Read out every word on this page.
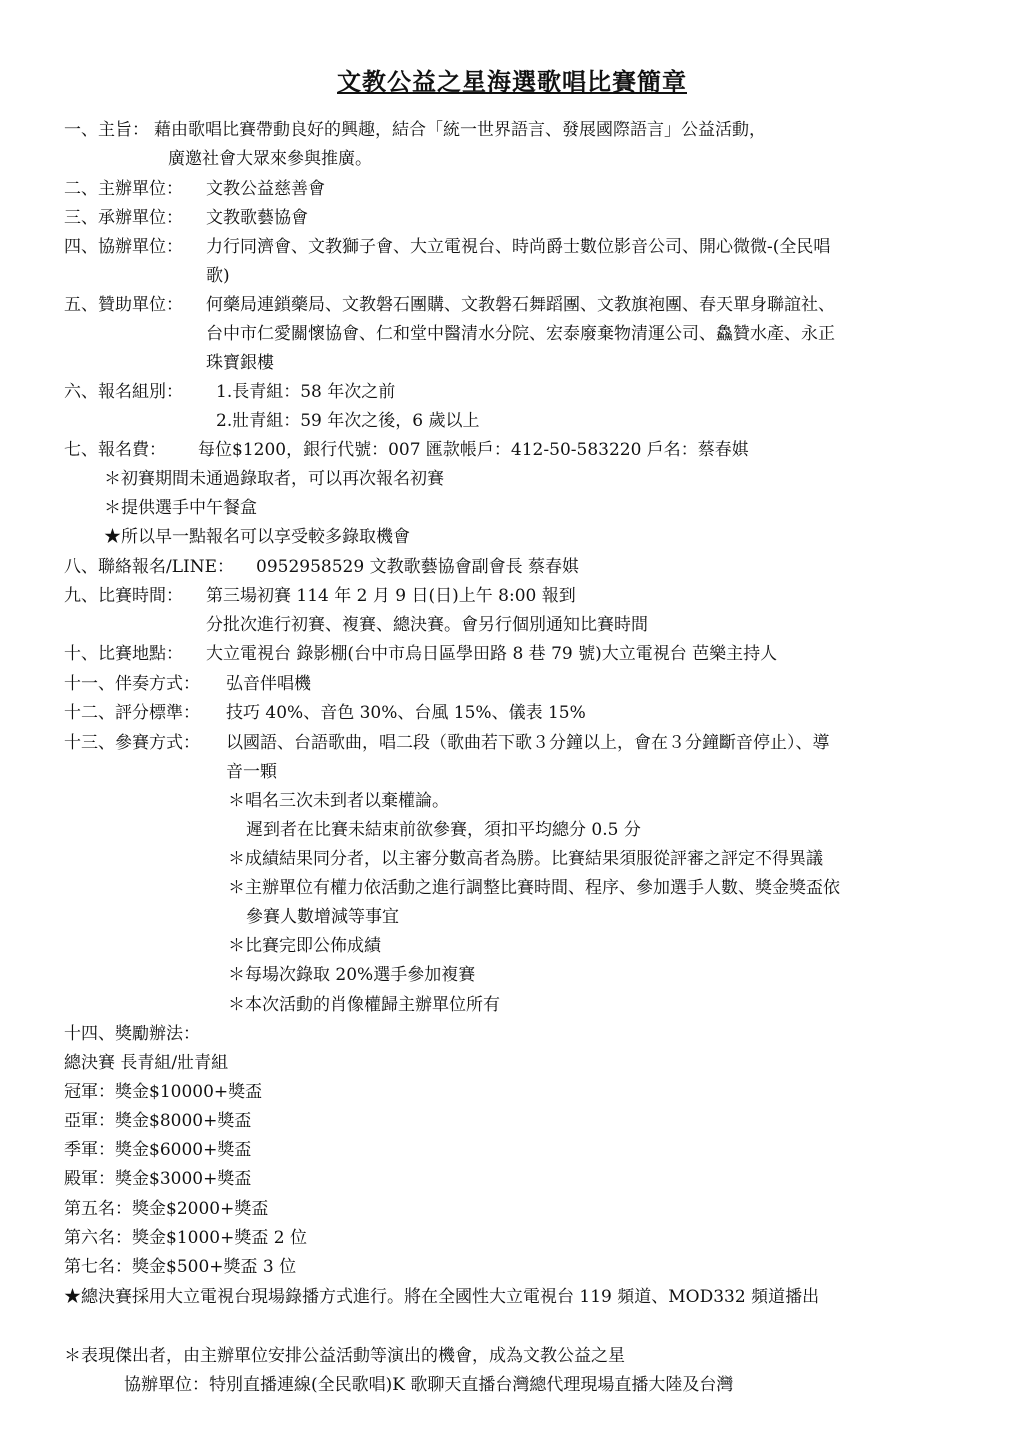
文教公益之星海選歌唱比賽簡章
一、主旨： 藉由歌唱比賽帶動良好的興趣，結合「統一世界語言、發展國際語言」公益活動，
廣邀社會大眾來參與推廣。
二、主辦單位： 文教公益慈善會
三、承辦單位： 文教歌藝協會
四、協辦單位： 力行同濟會、文教獅子會、大立電視台、時尚爵士數位影音公司、開心微微-(全民唱
歌)
五、贊助單位： 何藥局連鎖藥局、文教磐石團購、文教磐石舞蹈團、文教旗袍團、春天單身聯誼社、
台中市仁愛關懷協會、仁和堂中醫清水分院、宏泰廢棄物清運公司、鱻贊水產、永正
珠寶銀樓
六、報名組別： 1.長青組：58 年次之前
2.壯青組：59 年次之後，6 歲以上
七、報名費： 每位$1200，銀行代號：007 匯款帳戶：412-50-583220 戶名：蔡春娸
＊初賽期間未通過錄取者，可以再次報名初賽
＊提供選手中午餐盒
★所以早一點報名可以享受較多錄取機會
八、聯絡報名/LINE： 0952958529 文教歌藝協會副會長 蔡春娸
九、比賽時間： 第三場初賽 114 年 2 月 9 日(日)上午 8:00 報到
分批次進行初賽、複賽、總決賽。會另行個別通知比賽時間
十、比賽地點： 大立電視台 錄影棚(台中市烏日區學田路 8 巷 79 號)大立電視台 芭樂主持人
十一、伴奏方式： 弘音伴唱機
十二、評分標準： 技巧 40%、音色 30%、台風 15%、儀表 15%
十三、參賽方式： 以國語、台語歌曲，唱二段（歌曲若下歌３分鐘以上，會在３分鐘斷音停止）、導
音一顆
＊唱名三次未到者以棄權論。
遲到者在比賽未結束前欲參賽，須扣平均總分 0.5 分
＊成績結果同分者，以主審分數高者為勝。比賽結果須服從評審之評定不得異議
＊主辦單位有權力依活動之進行調整比賽時間、程序、參加選手人數、獎金獎盃依
參賽人數增減等事宜
＊比賽完即公佈成績
＊每場次錄取 20%選手參加複賽
＊本次活動的肖像權歸主辦單位所有
十四、獎勵辦法：
總決賽 長青組/壯青組
冠軍：獎金$10000+獎盃
亞軍：獎金$8000+獎盃
季軍：獎金$6000+獎盃
殿軍：獎金$3000+獎盃
第五名：獎金$2000+獎盃
第六名：獎金$1000+獎盃 2 位
第七名：獎金$500+獎盃 3 位
★總決賽採用大立電視台現場錄播方式進行。將在全國性大立電視台 119 頻道、MOD332 頻道播出
＊表現傑出者，由主辦單位安排公益活動等演出的機會，成為文教公益之星
協辦單位：特別直播連線(全民歌唱)K 歌聊天直播台灣總代理現場直播大陸及台灣
